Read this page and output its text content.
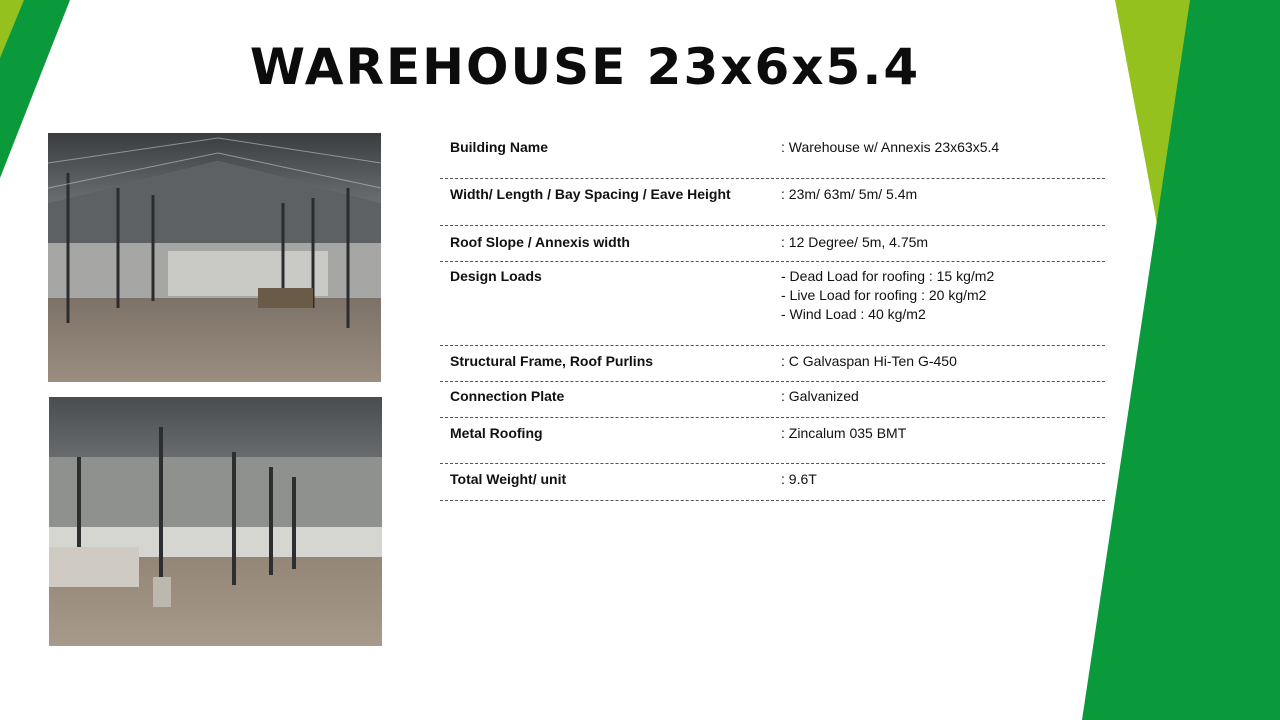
WAREHOUSE 23x6x5.4
Building Name	: Warehouse w/ Annexis 23x63x5.4
Width/ Length / Bay Spacing / Eave Height	: 23m/ 63m/ 5m/ 5.4m
Roof Slope / Annexis width	: 12 Degree/ 5m, 4.75m
Design Loads	- Dead Load for roofing : 15 kg/m2
- Live Load for roofing : 20 kg/m2
- Wind Load : 40 kg/m2
Structural Frame, Roof Purlins	: C Galvaspan Hi-Ten G-450
Connection Plate	: Galvanized
Metal Roofing	: Zincalum 035 BMT
Total Weight/ unit	: 9.6T
